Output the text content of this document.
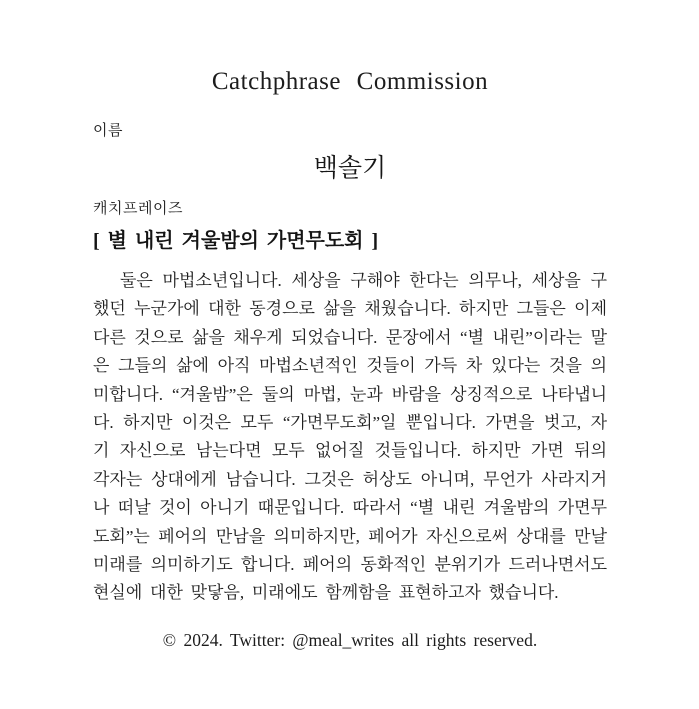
Catchphrase Commission
이름
백솔기
캐치프레이즈
[ 별 내린 겨울밤의 가면무도회 ]

둘은 마법소년입니다. 세상을 구해야 한다는 의무나, 세상을 구했던 누군가에 대한 동경으로 삶을 채웠습니다. 하지만 그들은 이제 다른 것으로 삶을 채우게 되었습니다. 문장에서 “별 내린”이라는 말은 그들의 삶에 아직 마법소년적인 것들이 가득 차 있다는 것을 의미합니다. “겨울밤”은 둘의 마법, 눈과 바람을 상징적으로 나타냅니다. 하지만 이것은 모두 “가면무도회”일 뿐입니다. 가면을 벗고, 자기 자신으로 남는다면 모두 없어질 것들입니다. 하지만 가면 뒤의 각자는 상대에게 남습니다. 그것은 허상도 아니며, 무언가 사라지거나 떠날 것이 아니기 때문입니다. 따라서 “별 내린 겨울밤의 가면무도회”는 페어의 만남을 의미하지만, 페어가 자신으로써 상대를 만날 미래를 의미하기도 합니다. 페어의 동화적인 분위기가 드러나면서도 현실에 대한 맞닿음, 미래에도 함께함을 표현하고자 했습니다.

© 2024. Twitter: @meal_writes all rights reserved.
